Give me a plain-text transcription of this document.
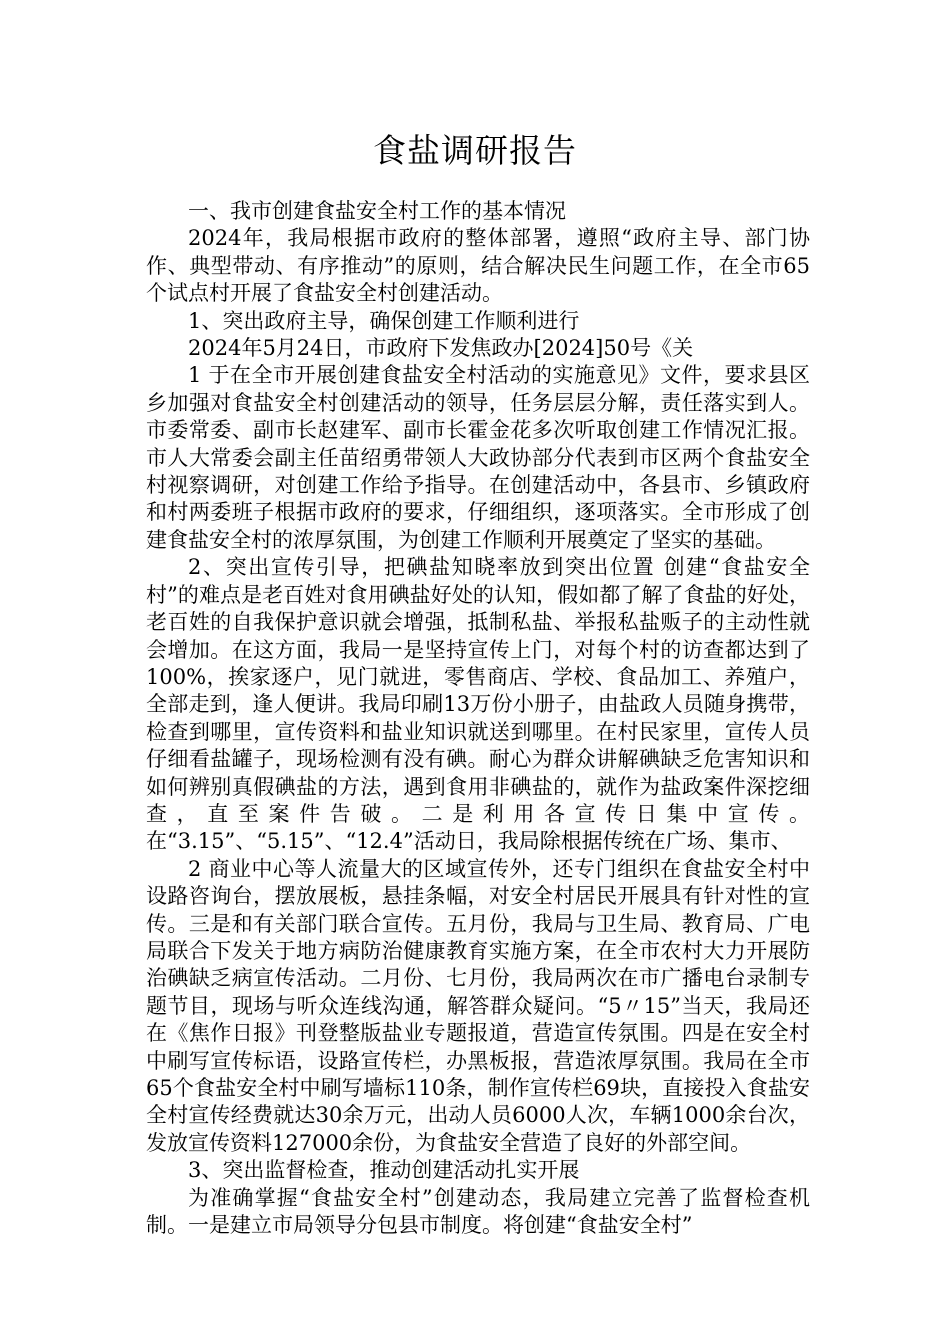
食盐调研报告

一、我市创建食盐安全村工作的基本情况

2024年，我局根据市政府的整体部署，遵照“政府主导、部门协作、典型带动、有序推动”的原则，结合解决民生问题工作，在全市65个试点村开展了食盐安全村创建活动。

1、突出政府主导，确保创建工作顺利进行

2024年5月24日，市政府下发焦政办[2024]50号《关

1 于在全市开展创建食盐安全村活动的实施意见》文件，要求县区乡加强对食盐安全村创建活动的领导，任务层层分解，责任落实到人。市委常委、副市长赵建军、副市长霍金花多次听取创建工作情况汇报。市人大常委会副主任苗绍勇带领人大政协部分代表到市区两个食盐安全村视察调研，对创建工作给予指导。在创建活动中，各县市、乡镇政府和村两委班子根据市政府的要求，仔细组织，逐项落实。全市形成了创建食盐安全村的浓厚氛围，为创建工作顺利开展奠定了坚实的基础。

2、突出宣传引导，把碘盐知晓率放到突出位置 创建“食盐安全村”的难点是老百姓对食用碘盐好处的认知，假如都了解了食盐的好处，老百姓的自我保护意识就会增强，抵制私盐、举报私盐贩子的主动性就会增加。在这方面，我局一是坚持宣传上门，对每个村的访查都达到了100%，挨家逐户，见门就进，零售商店、学校、食品加工、养殖户，全部走到，逢人便讲。我局印刷13万份小册子，由盐政人员随身携带，检查到哪里，宣传资料和盐业知识就送到哪里。在村民家里，宣传人员仔细看盐罐子，现场检测有没有碘。耐心为群众讲解碘缺乏危害知识和如何辨别真假碘盐的方法，遇到食用非碘盐的，就作为盐政案件深挖细查，直至案件告破。二是利用各宣传日集中宣传。在“3.15”、“5.15”、“12.4”活动日，我局除根据传统在广场、集市、

2 商业中心等人流量大的区域宣传外，还专门组织在食盐安全村中设路咨询台，摆放展板，悬挂条幅，对安全村居民开展具有针对性的宣传。三是和有关部门联合宣传。五月份，我局与卫生局、教育局、广电局联合下发关于地方病防治健康教育实施方案，在全市农村大力开展防治碘缺乏病宣传活动。二月份、七月份，我局两次在市广播电台录制专题节目，现场与听众连线沟通，解答群众疑问。“5〃15”当天，我局还在《焦作日报》刊登整版盐业专题报道，营造宣传氛围。四是在安全村中刷写宣传标语，设路宣传栏，办黑板报，营造浓厚氛围。我局在全市65个食盐安全村中刷写墙标110条，制作宣传栏69块，直接投入食盐安全村宣传经费就达30余万元，出动人员6000人次，车辆1000余台次，发放宣传资料127000余份，为食盐安全营造了良好的外部空间。

3、突出监督检查，推动创建活动扎实开展

为准确掌握“食盐安全村”创建动态，我局建立完善了监督检查机制。一是建立市局领导分包县市制度。将创建“食盐安全村”
